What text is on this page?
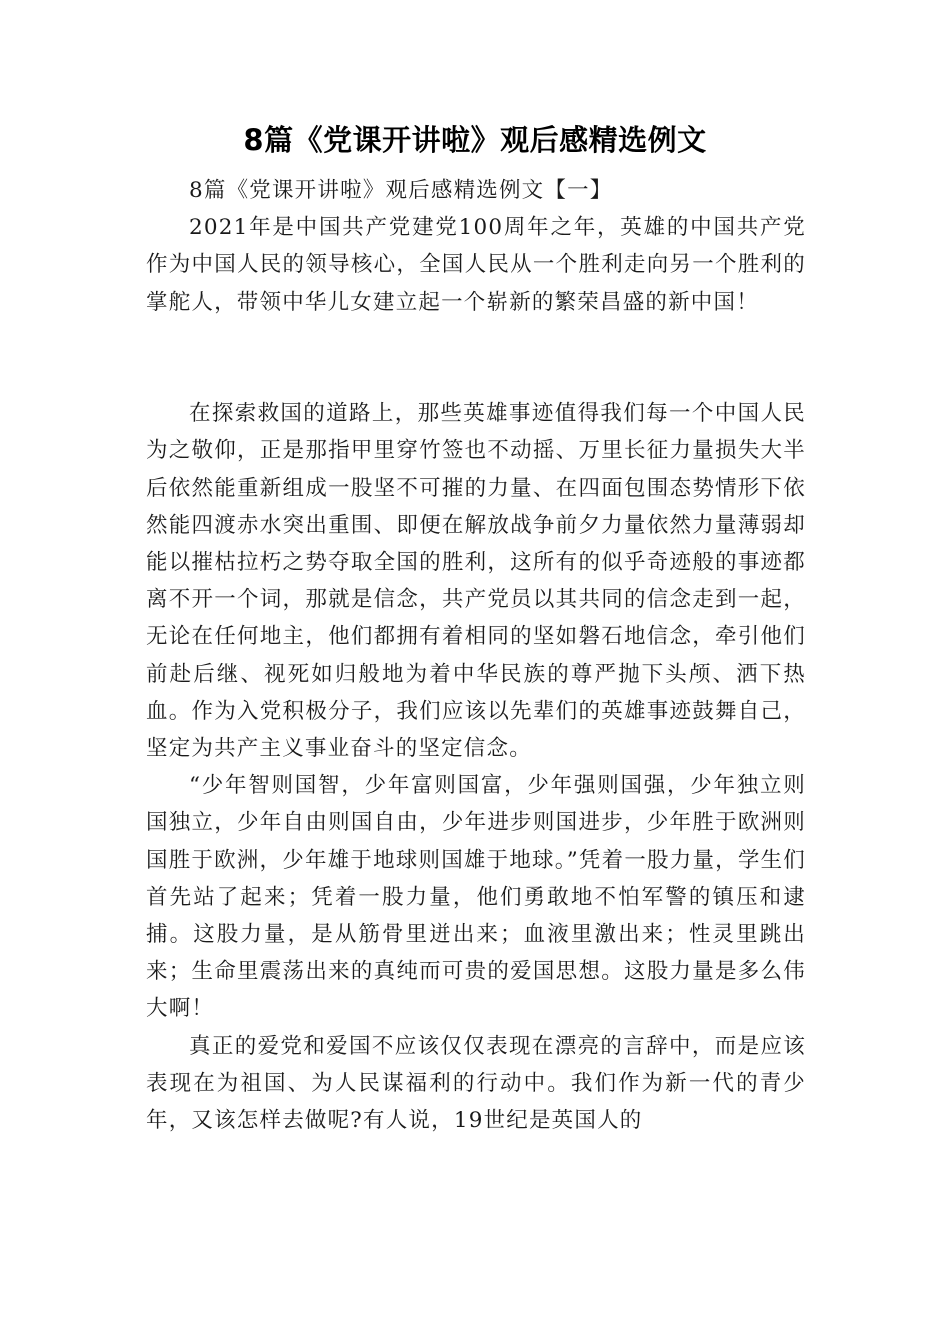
8篇《党课开讲啦》观后感精选例文

8篇《党课开讲啦》观后感精选例文【一】

2021年是中国共产党建党100周年之年，英雄的中国共产党作为中国人民的领导核心，全国人民从一个胜利走向另一个胜利的掌舵人，带领中华儿女建立起一个崭新的繁荣昌盛的新中国！

在探索救国的道路上，那些英雄事迹值得我们每一个中国人民为之敬仰，正是那指甲里穿竹签也不动摇、万里长征力量损失大半后依然能重新组成一股坚不可摧的力量、在四面包围态势情形下依然能四渡赤水突出重围、即便在解放战争前夕力量依然力量薄弱却能以摧枯拉朽之势夺取全国的胜利，这所有的似乎奇迹般的事迹都离不开一个词，那就是信念，共产党员以其共同的信念走到一起，无论在任何地主，他们都拥有着相同的坚如磐石地信念，牵引他们前赴后继、视死如归般地为着中华民族的尊严抛下头颅、洒下热血。作为入党积极分子，我们应该以先辈们的英雄事迹鼓舞自己，坚定为共产主义事业奋斗的坚定信念。

“少年智则国智，少年富则国富，少年强则国强，少年独立则国独立，少年自由则国自由，少年进步则国进步，少年胜于欧洲则国胜于欧洲，少年雄于地球则国雄于地球。”凭着一股力量，学生们首先站了起来；凭着一股力量，他们勇敢地不怕军警的镇压和逮捕。这股力量，是从筋骨里迸出来；血液里激出来；性灵里跳出来；生命里震荡出来的真纯而可贵的爱国思想。这股力量是多么伟大啊！

真正的爱党和爱国不应该仅仅表现在漂亮的言辞中，而是应该表现在为祖国、为人民谋福利的行动中。我们作为新一代的青少年，又该怎样去做呢?有人说，19世纪是英国人的
